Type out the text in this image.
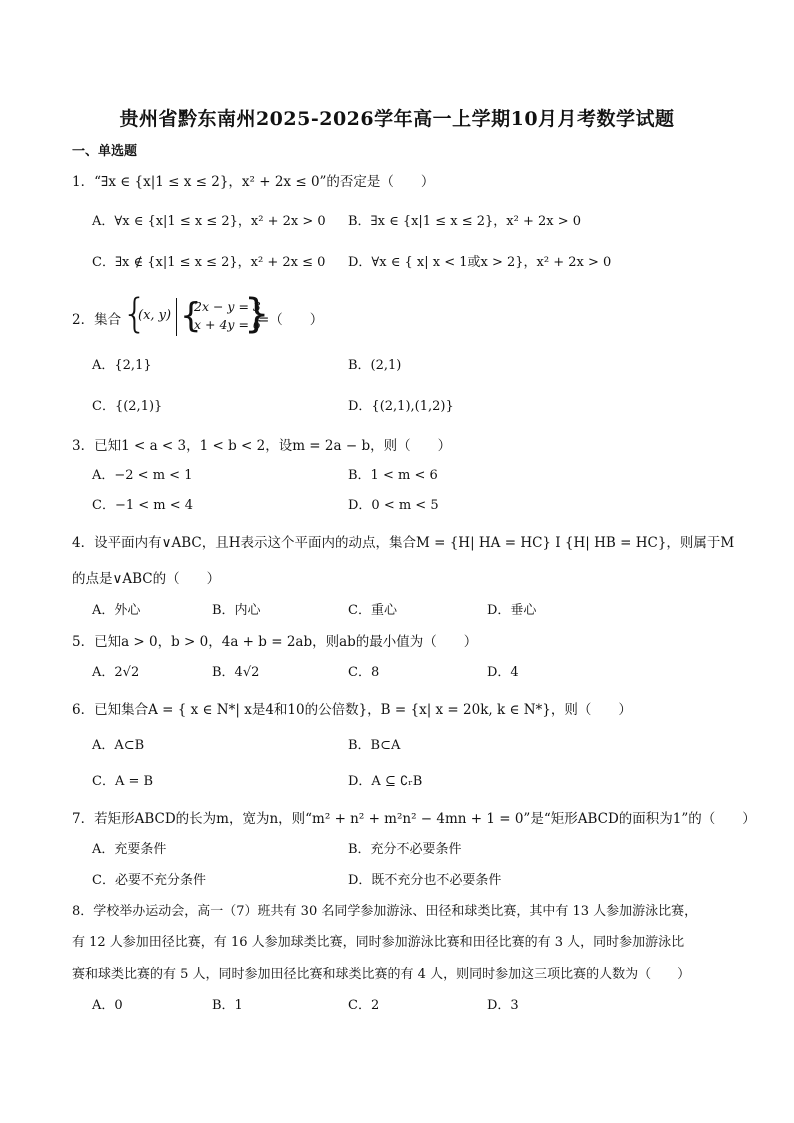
贵州省黔东南州2025-2026学年高一上学期10月月考数学试题
一、单选题
1．“∃x ∈ {x|1 ≤ x ≤ 2}，x² + 2x ≤ 0”的否定是（　　）
A．∀x ∈ {x|1 ≤ x ≤ 2}，x² + 2x > 0 B．∃x ∈ {x|1 ≤ x ≤ 2}，x² + 2x > 0
C．∃x ∉ {x|1 ≤ x ≤ 2}，x² + 2x ≤ 0 D．∀x ∈ { x| x < 1或x > 2}，x² + 2x > 0
2．集合 {
(x, y) {
2x − y = 3
x + 4y = 6
}
=（　　）
A．{2,1}	B．(2,1)
C．{(2,1)}	D．{(2,1),(1,2)}
3．已知1 < a < 3，1 < b < 2，设m = 2a − b，则（　　）
A．−2 < m < 1	B．1 < m < 6
C．−1 < m < 4	D．0 < m < 5
4．设平面内有∨ABC，且H表示这个平面内的动点，集合M = {H| HA = HC} I {H| HB = HC}，则属于M
的点是∨ABC的（　　）
A．外心	B．内心	C．重心	D．垂心
5．已知a > 0，b > 0，4a + b = 2ab，则ab的最小值为（　　）
A．2√2	B．4√2	C．8	D．4
6．已知集合A = { x ∈ N*| x是4和10的公倍数}，B = {x| x = 20k, k ∈ N*}，则（　　）
A．A⊂B	B．B⊂A
C．A = B	D．A ⊆ ∁ᵣB
7．若矩形ABCD的长为m，宽为n，则“m² + n² + m²n² − 4mn + 1 = 0”是“矩形ABCD的面积为1”的（　　）
A．充要条件	B．充分不必要条件
C．必要不充分条件	D．既不充分也不必要条件
8．学校举办运动会，高一（7）班共有 30 名同学参加游泳、田径和球类比赛，其中有 13 人参加游泳比赛，
有 12 人参加田径比赛，有 16 人参加球类比赛，同时参加游泳比赛和田径比赛的有 3 人，同时参加游泳比
赛和球类比赛的有 5 人，同时参加田径比赛和球类比赛的有 4 人，则同时参加这三项比赛的人数为（　　）
A．0	B．1	C．2	D．3
